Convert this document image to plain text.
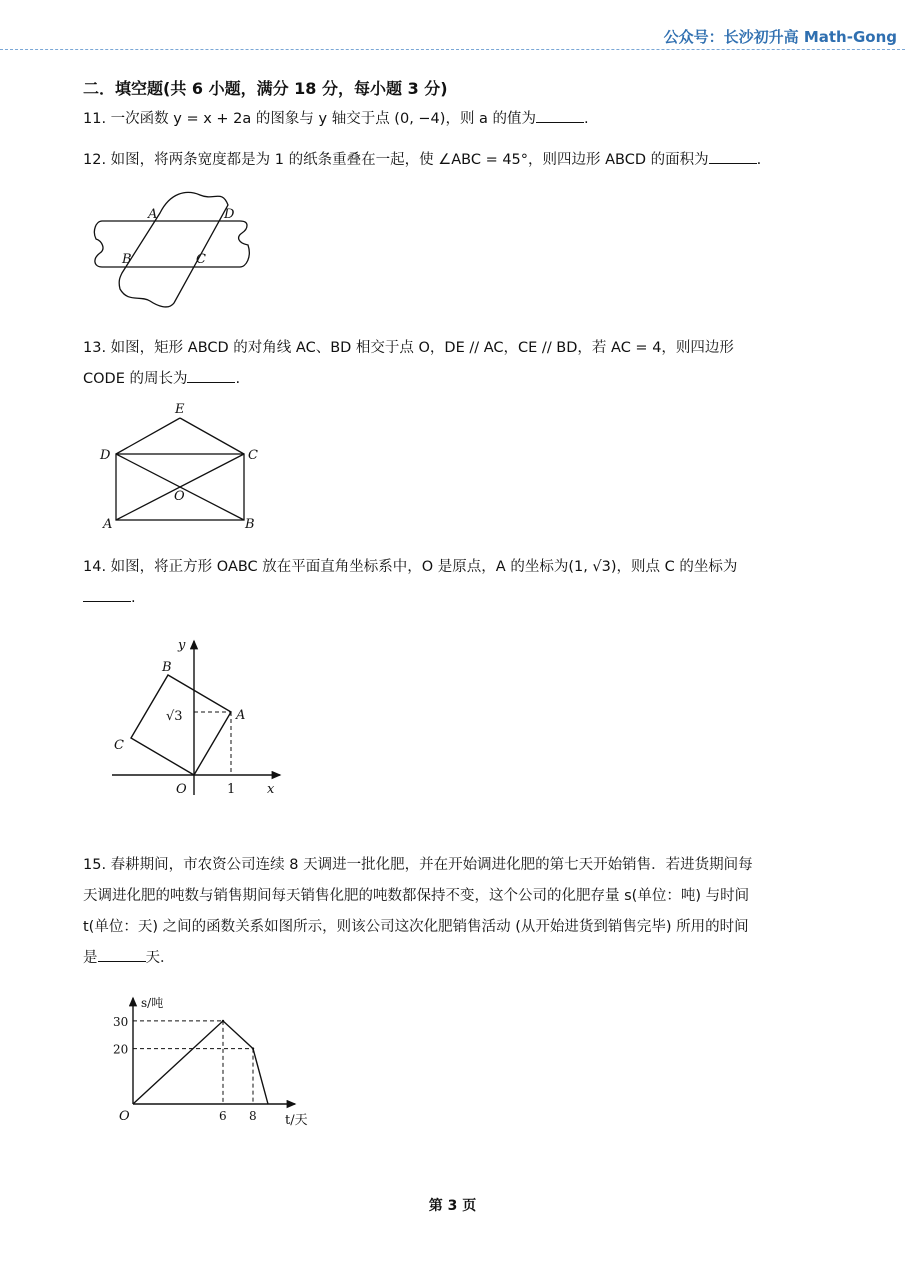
公众号：长沙初升高 Math-Gong
二．填空题(共 6 小题，满分 18 分，每小题 3 分)
11. 一次函数 y = x + 2a 的图象与 y 轴交于点 (0, −4)，则 a 的值为	.
12. 如图，将两条宽度都是为 1 的纸条重叠在一起，使 ∠ABC = 45°，则四边形 ABCD 的面积为	.
A	D
B	C
13. 如图，矩形 ABCD 的对角线 AC、BD 相交于点 O，DE // AC，CE // BD，若 AC = 4，则四边形
CODE 的周长为	.
E
D	C
O
A	B
14. 如图，将正方形 OABC 放在平面直角坐标系中，O 是原点，A 的坐标为(1, √3)，则点 C 的坐标为
.
y
B
√3	A
C
O	1 x
15. 春耕期间，市农资公司连续 8 天调进一批化肥，并在开始调进化肥的第七天开始销售．若进货期间每
天调进化肥的吨数与销售期间每天销售化肥的吨数都保持不变，这个公司的化肥存量 s(单位：吨) 与时间
t(单位：天) 之间的函数关系如图所示，则该公司这次化肥销售活动 (从开始进货到销售完毕) 所用的时间
是	天．
s/吨
t/天
O	6 8
30
20
第 3 页
